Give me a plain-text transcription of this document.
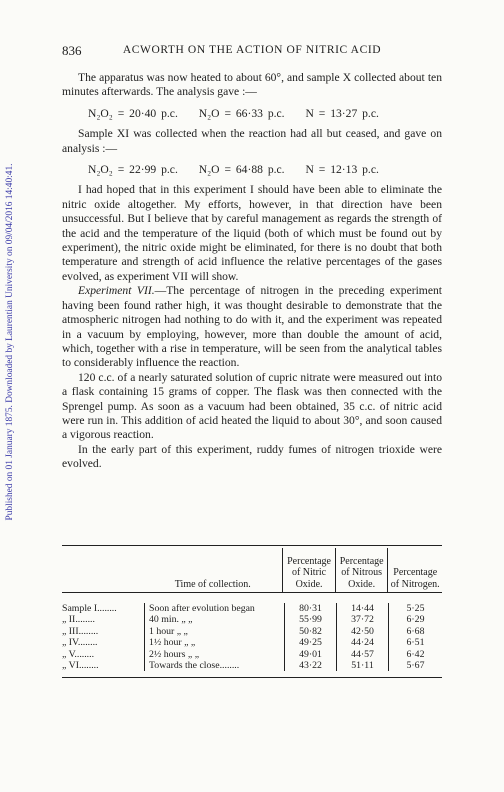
Published on 01 January 1875. Downloaded by Laurentian University on 09/04/2016 14:40:41.
836	ACWORTH ON THE ACTION OF NITRIC ACID

The apparatus was now heated to about 60°, and sample X collected about ten minutes afterwards. The analysis gave :—

N₂O₂ = 20·40 p.c. N₂O = 66·33 p.c. N = 13·27 p.c.

Sample XI was collected when the reaction had all but ceased, and gave on analysis :—

N₂O₂ = 22·99 p.c. N₂O = 64·88 p.c. N = 12·13 p.c.

I had hoped that in this experiment I should have been able to eliminate the nitric oxide altogether. My efforts, however, in that direction have been unsuccessful. But I believe that by careful management as regards the strength of the acid and the temperature of the liquid (both of which must be found out by experiment), the nitric oxide might be eliminated, for there is no doubt that both temperature and strength of acid influence the relative percentages of the gases evolved, as experiment VII will show.

Experiment VII.—The percentage of nitrogen in the preceding experiment having been found rather high, it was thought desirable to demonstrate that the atmospheric nitrogen had nothing to do with it, and the experiment was repeated in a vacuum by employing, however, more than double the amount of acid, which, together with a rise in temperature, will be seen from the analytical tables to considerably influence the reaction.

120 c.c. of a nearly saturated solution of cupric nitrate were measured out into a flask containing 15 grams of copper. The flask was then connected with the Sprengel pump. As soon as a vacuum had been obtained, 35 c.c. of nitric acid were run in. This addition of acid heated the liquid to about 30°, and soon caused a vigorous reaction.

In the early part of this experiment, ruddy fumes of nitrogen trioxide were evolved.

Time of collection.
Percentage of Nitric Oxide.
Percentage of Nitrous Oxide.
Percentage of Nitrogen.
Sample I........	Soon after evolution began	80·31	14·44	5·25
„ II........	40 min. „ „	55·99	37·72	6·29
„ III........	1 hour „ „	50·82	42·50	6·68
„ IV........	1½ hour „ „	49·25	44·24	6·51
„ V........	2½ hours „ „	49·01	44·57	6·42
„ VI........	Towards the close........	43·22	51·11	5·67
